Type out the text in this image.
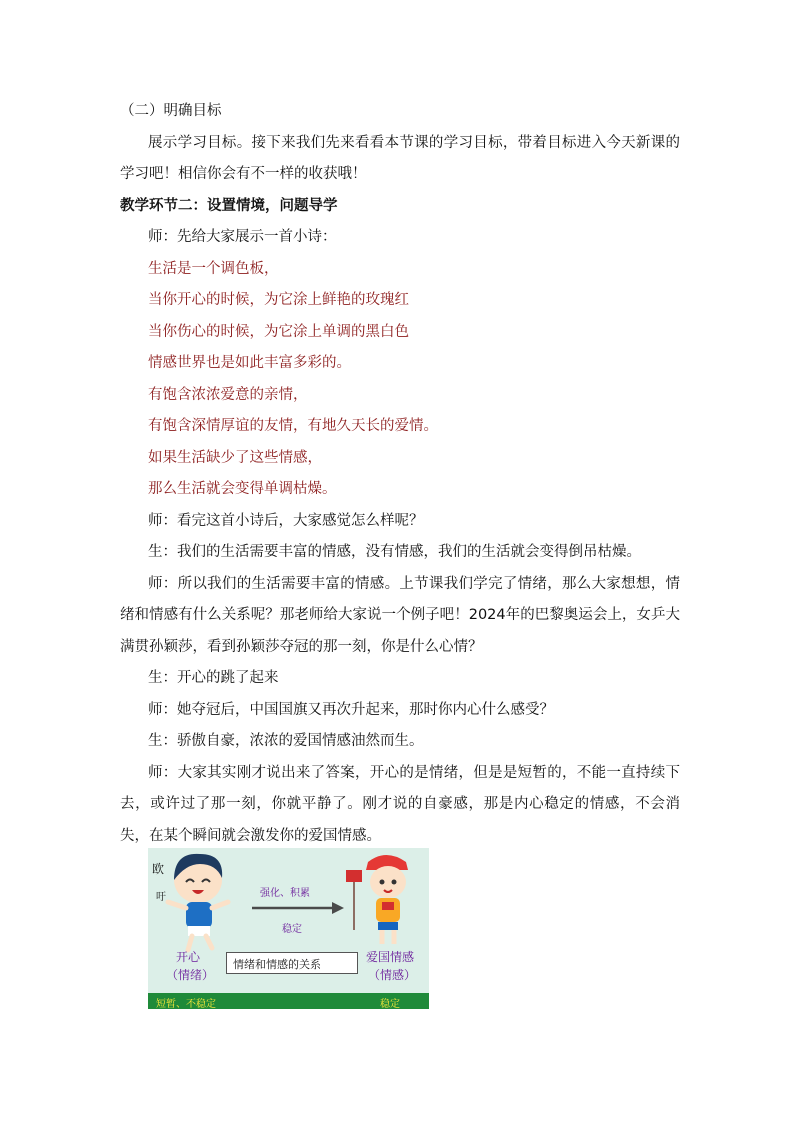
（二）明确目标
展示学习目标。接下来我们先来看看本节课的学习目标，带着目标进入今天新课的学习吧！相信你会有不一样的收获哦！
教学环节二：设置情境，问题导学
师：先给大家展示一首小诗：
生活是一个调色板，
当你开心的时候，为它涂上鲜艳的玫瑰红
当你伤心的时候，为它涂上单调的黑白色
情感世界也是如此丰富多彩的。
有饱含浓浓爱意的亲情，
有饱含深情厚谊的友情，有地久天长的爱情。
如果生活缺少了这些情感，
那么生活就会变得单调枯燥。
师：看完这首小诗后，大家感觉怎么样呢？
生：我们的生活需要丰富的情感，没有情感，我们的生活就会变得倒吊枯燥。
师：所以我们的生活需要丰富的情感。上节课我们学完了情绪，那么大家想想，情绪和情感有什么关系呢？那老师给大家说一个例子吧！2024年的巴黎奥运会上，女乒大满贯孙颖莎，看到孙颖莎夺冠的那一刻，你是什么心情？
生：开心的跳了起来
师：她夺冠后，中国国旗又再次升起来，那时你内心什么感受？
生：骄傲自豪，浓浓的爱国情感油然而生。
师：大家其实刚才说出来了答案，开心的是情绪，但是是短暂的，不能一直持续下去，或许过了那一刻，你就平静了。刚才说的自豪感，那是内心稳定的情感，不会消失，在某个瞬间就会激发你的爱国情感。
欧
吁	强化、积累
稳定
开心
（情绪）
爱国情感
（情感）
情绪和情感的关系
短暂、不稳定	稳定
